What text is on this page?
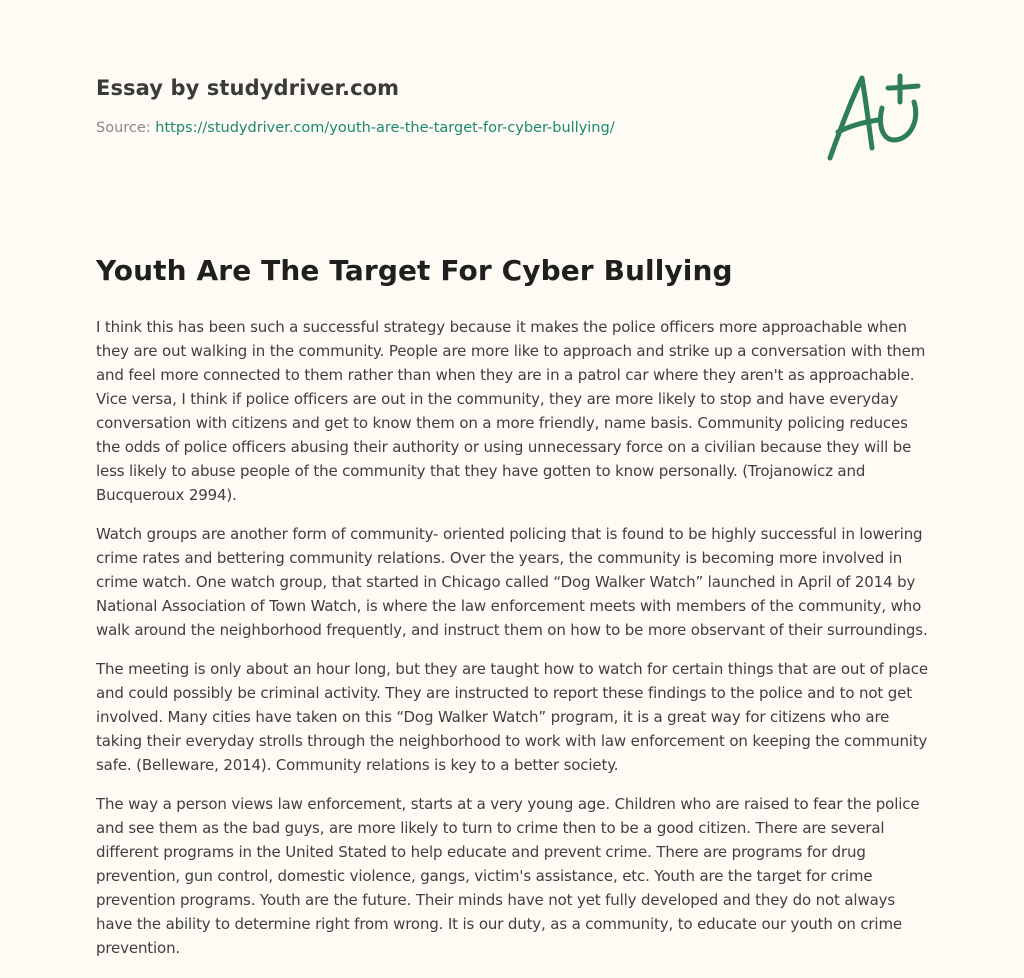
Essay by studydriver.com
Source: https://studydriver.com/youth-are-the-target-for-cyber-bullying/
Youth Are The Target For Cyber Bullying

I think this has been such a successful strategy because it makes the police officers more approachable when they are out walking in the community. People are more like to approach and strike up a conversation with them and feel more connected to them rather than when they are in a patrol car where they aren't as approachable. Vice versa, I think if police officers are out in the community, they are more likely to stop and have everyday conversation with citizens and get to know them on a more friendly, name basis. Community policing reduces the odds of police officers abusing their authority or using unnecessary force on a civilian because they will be less likely to abuse people of the community that they have gotten to know personally. (Trojanowicz and Bucqueroux 2994).

Watch groups are another form of community- oriented policing that is found to be highly successful in lowering crime rates and bettering community relations. Over the years, the community is becoming more involved in crime watch. One watch group, that started in Chicago called “Dog Walker Watch” launched in April of 2014 by National Association of Town Watch, is where the law enforcement meets with members of the community, who walk around the neighborhood frequently, and instruct them on how to be more observant of their surroundings.

The meeting is only about an hour long, but they are taught how to watch for certain things that are out of place and could possibly be criminal activity. They are instructed to report these findings to the police and to not get involved. Many cities have taken on this “Dog Walker Watch” program, it is a great way for citizens who are taking their everyday strolls through the neighborhood to work with law enforcement on keeping the community safe. (Belleware, 2014). Community relations is key to a better society.

The way a person views law enforcement, starts at a very young age. Children who are raised to fear the police and see them as the bad guys, are more likely to turn to crime then to be a good citizen. There are several different programs in the United Stated to help educate and prevent crime. There are programs for drug prevention, gun control, domestic violence, gangs, victim's assistance, etc. Youth are the target for crime prevention programs. Youth are the future. Their minds have not yet fully developed and they do not always have the ability to determine right from wrong. It is our duty, as a community, to educate our youth on crime prevention.
